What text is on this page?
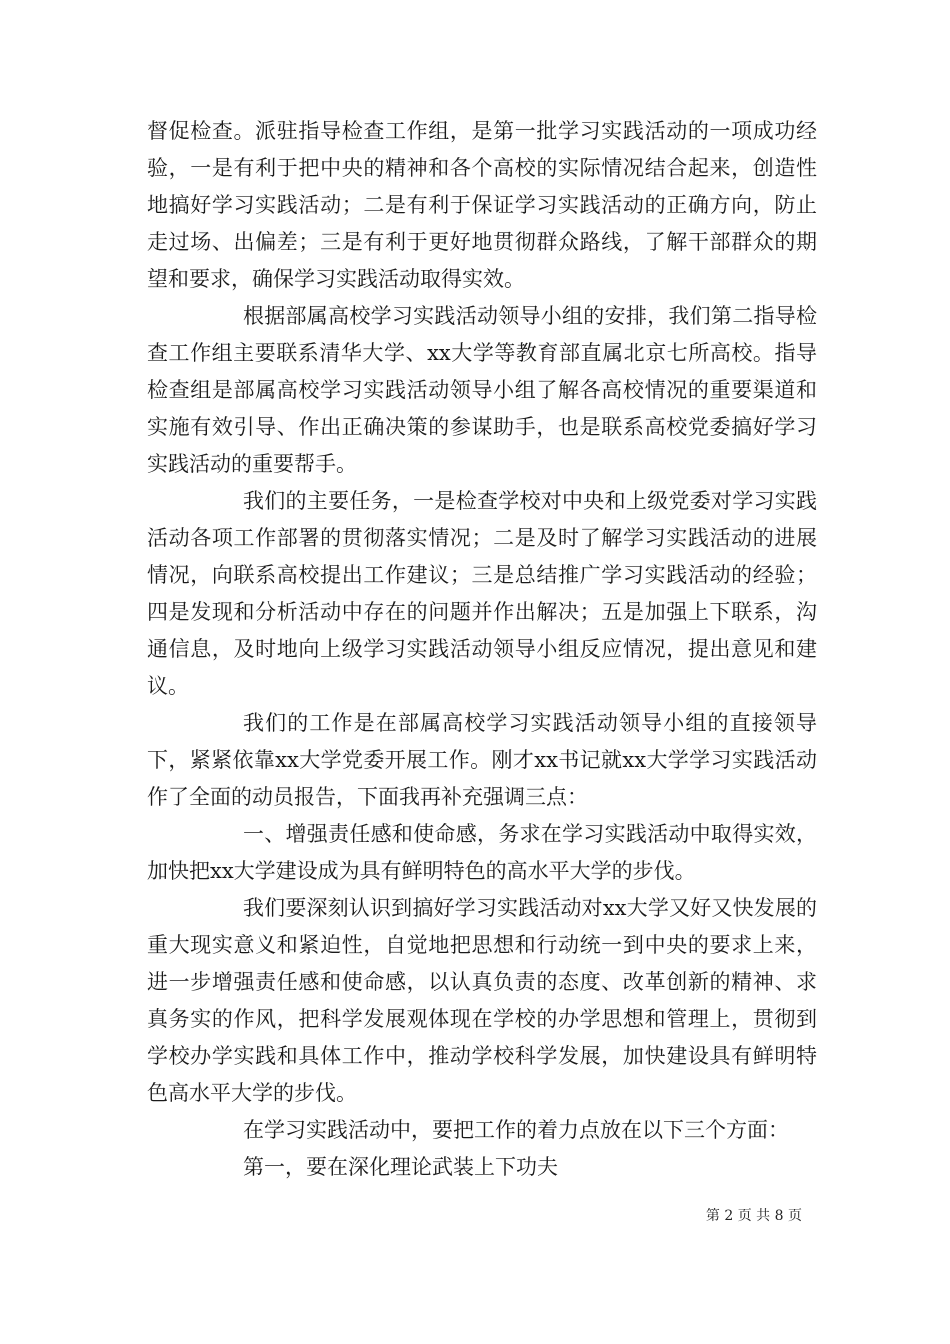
督促检查。派驻指导检查工作组，是第一批学习实践活动的一项成功经验，一是有利于把中央的精神和各个高校的实际情况结合起来，创造性地搞好学习实践活动；二是有利于保证学习实践活动的正确方向，防止走过场、出偏差；三是有利于更好地贯彻群众路线，了解干部群众的期望和要求，确保学习实践活动取得实效。

根据部属高校学习实践活动领导小组的安排，我们第二指导检查工作组主要联系清华大学、xx大学等教育部直属北京七所高校。指导检查组是部属高校学习实践活动领导小组了解各高校情况的重要渠道和实施有效引导、作出正确决策的参谋助手，也是联系高校党委搞好学习实践活动的重要帮手。

我们的主要任务，一是检查学校对中央和上级党委对学习实践活动各项工作部署的贯彻落实情况；二是及时了解学习实践活动的进展情况，向联系高校提出工作建议；三是总结推广学习实践活动的经验；四是发现和分析活动中存在的问题并作出解决；五是加强上下联系，沟通信息，及时地向上级学习实践活动领导小组反应情况，提出意见和建议。

我们的工作是在部属高校学习实践活动领导小组的直接领导下，紧紧依靠xx大学党委开展工作。刚才xx书记就xx大学学习实践活动作了全面的动员报告，下面我再补充强调三点：

一、增强责任感和使命感，务求在学习实践活动中取得实效，加快把xx大学建设成为具有鲜明特色的高水平大学的步伐。

我们要深刻认识到搞好学习实践活动对xx大学又好又快发展的重大现实意义和紧迫性，自觉地把思想和行动统一到中央的要求上来，进一步增强责任感和使命感，以认真负责的态度、改革创新的精神、求真务实的作风，把科学发展观体现在学校的办学思想和管理上，贯彻到学校办学实践和具体工作中，推动学校科学发展，加快建设具有鲜明特色高水平大学的步伐。

在学习实践活动中，要把工作的着力点放在以下三个方面：

第一，要在深化理论武装上下功夫

第 2 页 共 8 页
